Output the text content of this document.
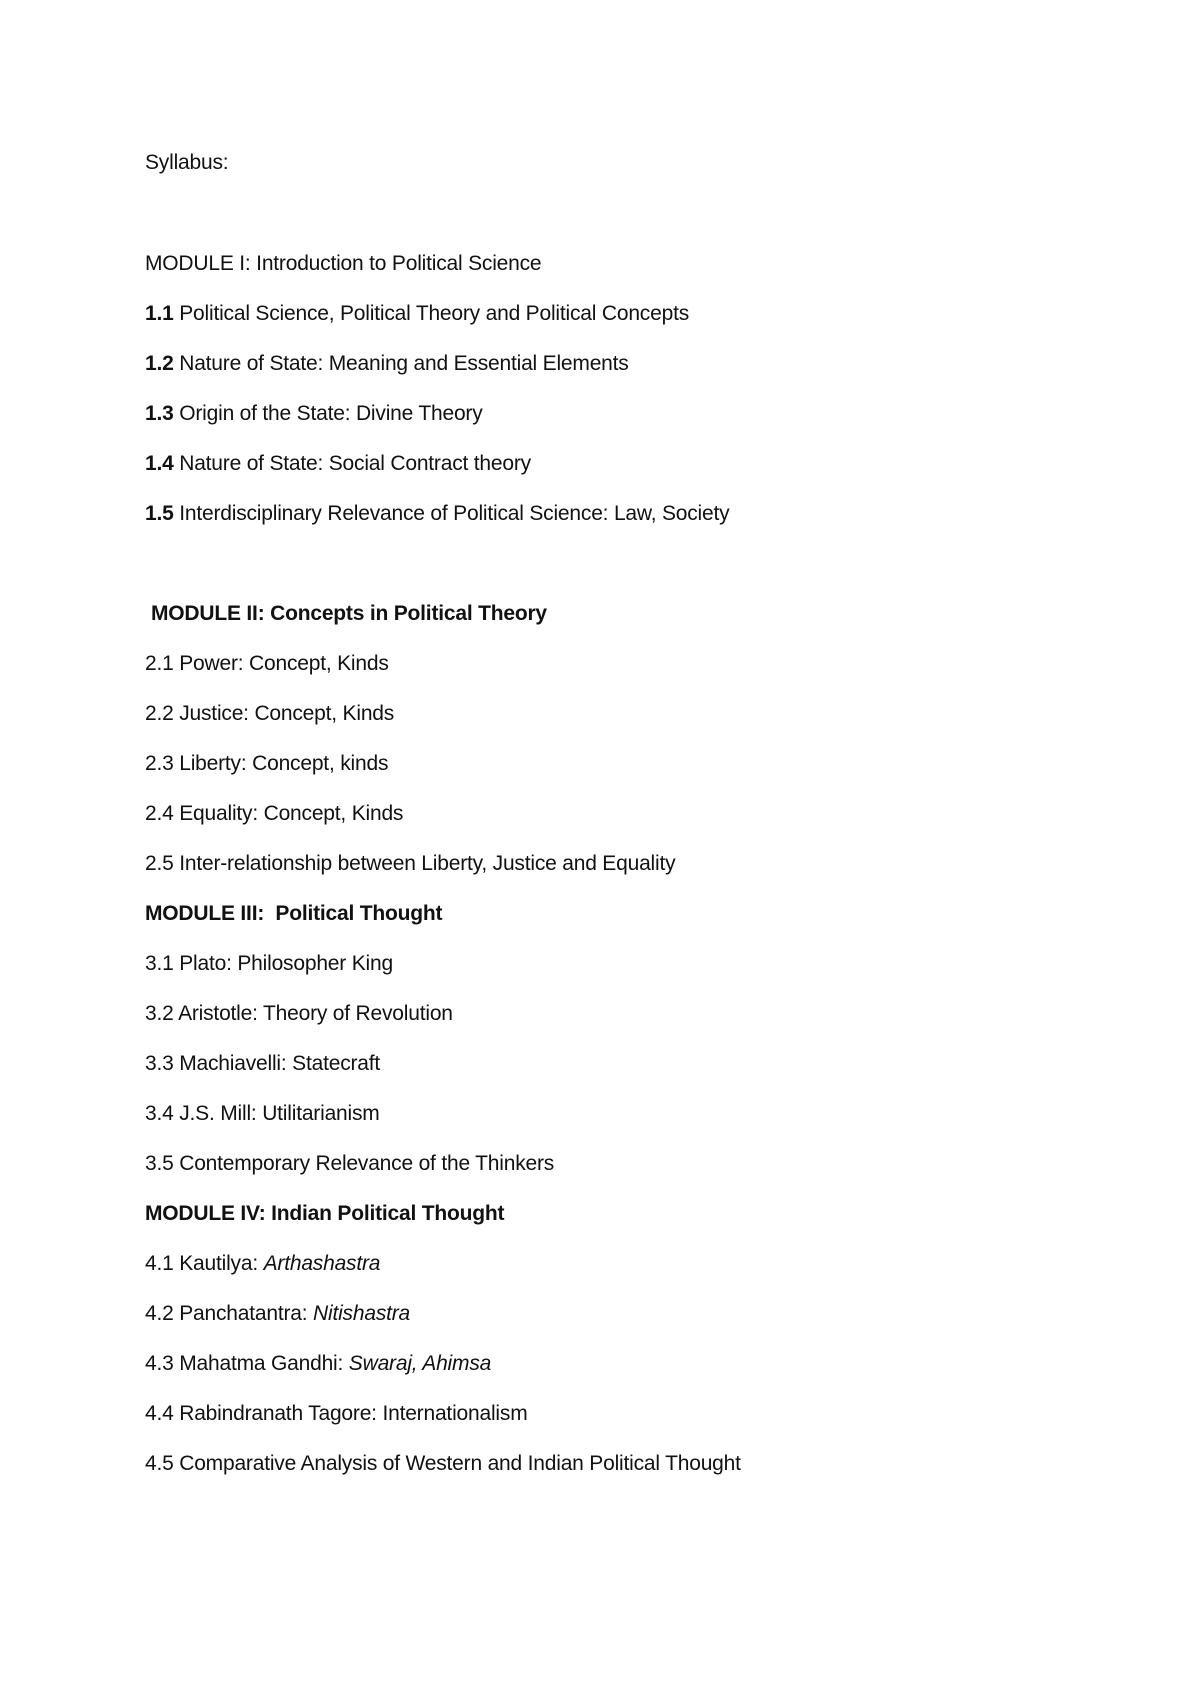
Syllabus:
MODULE I: Introduction to Political Science
1.1 Political Science, Political Theory and Political Concepts
1.2 Nature of State: Meaning and Essential Elements
1.3 Origin of the State: Divine Theory
1.4 Nature of State: Social Contract theory
1.5 Interdisciplinary Relevance of Political Science: Law, Society
MODULE II: Concepts in Political Theory
2.1 Power: Concept, Kinds
2.2 Justice: Concept, Kinds
2.3 Liberty: Concept, kinds
2.4 Equality: Concept, Kinds
2.5 Inter-relationship between Liberty, Justice and Equality
MODULE III:  Political Thought
3.1 Plato: Philosopher King
3.2 Aristotle: Theory of Revolution
3.3 Machiavelli: Statecraft
3.4 J.S. Mill: Utilitarianism
3.5 Contemporary Relevance of the Thinkers
MODULE IV: Indian Political Thought
4.1 Kautilya: Arthashastra
4.2 Panchatantra: Nitishastra
4.3 Mahatma Gandhi: Swaraj, Ahimsa
4.4 Rabindranath Tagore: Internationalism
4.5 Comparative Analysis of Western and Indian Political Thought
